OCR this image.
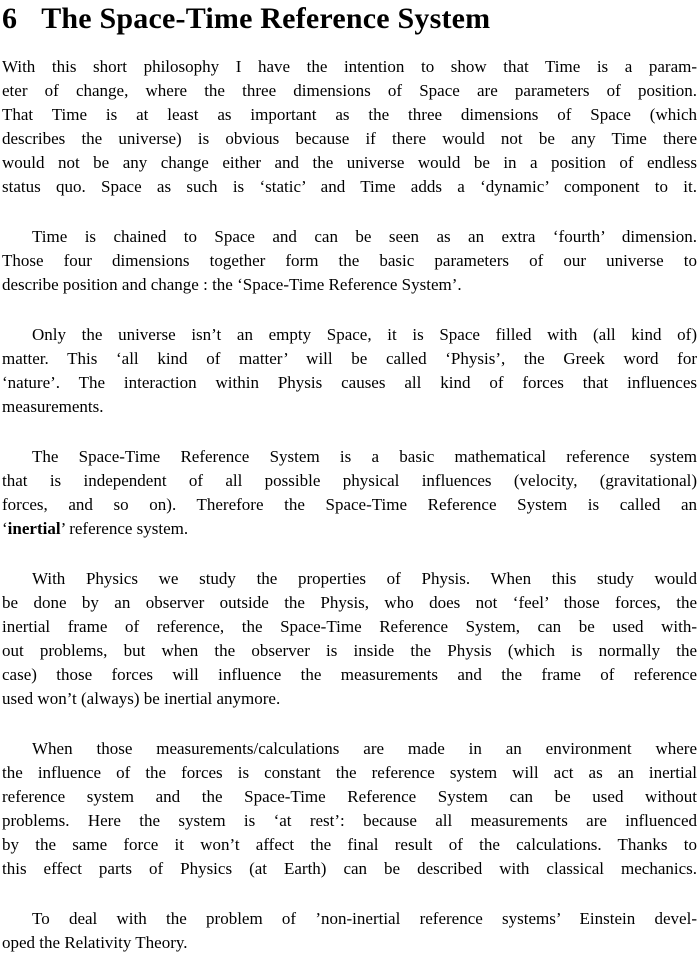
6 The Space-Time Reference System
With this short philosophy I have the intention to show that Time is a param-
eter of change, where the three dimensions of Space are parameters of position.
That Time is at least as important as the three dimensions of Space (which
describes the universe) is obvious because if there would not be any Time there
would not be any change either and the universe would be in a position of endless
status quo. Space as such is ‘static’ and Time adds a ‘dynamic’ component to it.
Time is chained to Space and can be seen as an extra ‘fourth’ dimension.
Those four dimensions together form the basic parameters of our universe to
describe position and change : the ‘Space-Time Reference System’.
Only the universe isn’t an empty Space, it is Space filled with (all kind of)
matter. This ‘all kind of matter’ will be called ‘Physis’, the Greek word for
‘nature’. The interaction within Physis causes all kind of forces that influences
measurements.
The Space-Time Reference System is a basic mathematical reference system
that is independent of all possible physical influences (velocity, (gravitational)
forces, and so on). Therefore the Space-Time Reference System is called an
‘inertial’ reference system.
With Physics we study the properties of Physis. When this study would
be done by an observer outside the Physis, who does not ‘feel’ those forces, the
inertial frame of reference, the Space-Time Reference System, can be used with-
out problems, but when the observer is inside the Physis (which is normally the
case) those forces will influence the measurements and the frame of reference
used won’t (always) be inertial anymore.
When those measurements/calculations are made in an environment where
the influence of the forces is constant the reference system will act as an inertial
reference system and the Space-Time Reference System can be used without
problems. Here the system is ‘at rest’: because all measurements are influenced
by the same force it won’t affect the final result of the calculations. Thanks to
this effect parts of Physics (at Earth) can be described with classical mechanics.
To deal with the problem of ’non-inertial reference systems’ Einstein devel-
oped the Relativity Theory.
